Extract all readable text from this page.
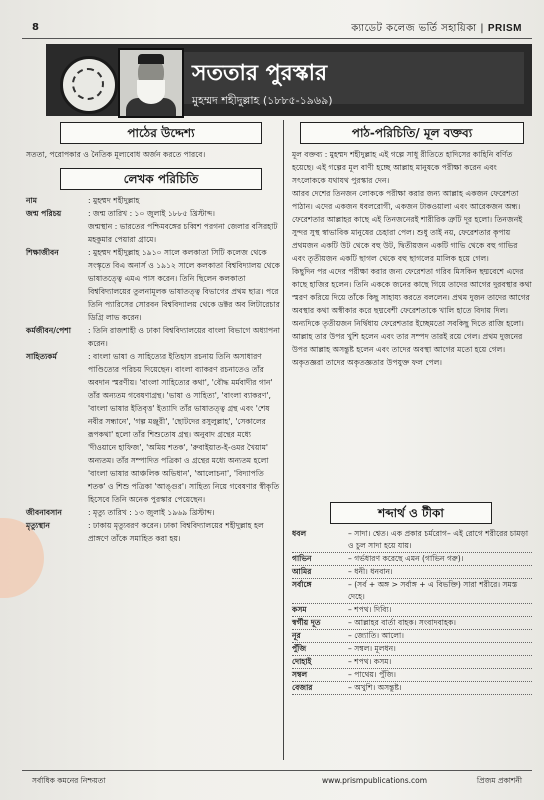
8	ক্যাডেট কলেজ ভর্তি সহায়িকা | PRISM
সততার পুরস্কার
মুহম্মদ শহীদুল্লাহ (১৮৮৫-১৯৬৯)
পাঠের উদ্দেশ্য

সততা, পরোপকার ও নৈতিক মূল্যবোধ অর্জন করতে পারবে।

লেখক পরিচিতি
নাম	: মুহম্মদ শহীদুল্লাহ
জন্ম পরিচয়	: জন্ম তারিখ : ১০ জুলাই ১৮৮৫ খ্রিস্টাব্দ।
জন্মস্থান : ভারতের পশ্চিমবঙ্গের চব্বিশ পরগনা জেলার বসিরহাট মহকুমার পেয়ারা গ্রামে।
শিক্ষাজীবন	: মুহম্মদ শহীদুল্লাহ ১৯১০ সালে কলকাতা সিটি কলেজ থেকে সংস্কৃতে বিএ অনার্স ও ১৯১২ সালে কলকাতা বিশ্ববিদ্যালয় থেকে ভাষাতত্ত্বে এমএ পাস করেন। তিনি ছিলেন কলকাতা বিশ্ববিদ্যালয়ের তুলনামূলক ভাষাতত্ত্ব বিভাগের প্রথম ছাত্র। পরে তিনি প্যারিসের সোরবন বিশ্ববিদ্যালয় থেকে ডক্টর অব লিটারেচার ডিগ্রি লাভ করেন।
কর্মজীবন/পেশা	: তিনি রাজশাহী ও ঢাকা বিশ্ববিদ্যালয়ের বাংলা বিভাগে অধ্যাপনা করেন।
সাহিত্যকর্ম	: বাংলা ভাষা ও সাহিত্যের ইতিহাস রচনায় তিনি অসাধারণ পাণ্ডিত্যের পরিচয় দিয়েছেন। বাংলা ব্যাকরণ রচনাতেও তাঁর অবদান স্মরণীয়। 'বাংলা সাহিত্যের কথা', 'বৌদ্ধ মর্মবাদীর গান' তাঁর অন্যতম গবেষণাগ্রন্থ। 'ভাষা ও সাহিত্য', 'বাংলা ব্যাকরণ', 'বাংলা ভাষার ইতিবৃত্ত' ইত্যাদি তাঁর ভাষাতত্ত্ব গ্রন্থ এবং 'শেষ নবীর সন্ধানে', 'গল্প মঞ্জুরী', 'ছোটদের রসুলুল্লাহ', 'সেকালের রূপকথা' হলো তাঁর শিশুতোষ গ্রন্থ। অনুবাদ গ্রন্থের মধ্যে 'দীওয়ানে হাফিজ', 'অমিয় শতক', 'রুবাইয়াত-ই-ওমর খৈয়াম' অন্যতম। তাঁর সম্পাদিত পত্রিকা ও গ্রন্থের মধ্যে অন্যতম হলো 'বাংলা ভাষার আঞ্চলিক অভিধান', 'আলোচনা', 'বিদ্যাপতি শতক' ও শিশু পত্রিকা 'আঙ্গুর'। সাহিত্য নিয়ে গবেষণার স্বীকৃতি হিসেবে তিনি অনেক পুরস্কার পেয়েছেন।
জীবনাবসান	: মৃত্যু তারিখ : ১৩ জুলাই ১৯৬৯ খ্রিস্টাব্দ।
মৃত্যুস্থান	: ঢাকায় মৃত্যুবরণ করেন। ঢাকা বিশ্ববিদ্যালয়ের শহীদুল্লাহ হল প্রাঙ্গণে তাঁকে সমাহিত করা হয়।
পাঠ-পরিচিতি/ মূল বক্তব্য

মূল বক্তব্য : মুহম্মদ শহীদুল্লাহ এই গল্পে সাধু রীতিতে হাদিসের কাহিনি বর্ণিত হয়েছে। এই গল্পের মূল বাণী হচ্ছে আল্লাহ মানুষকে পরীক্ষা করেন এবং সৎলোককে যথাযথ পুরস্কার দেন।

আরব দেশের তিনজন লোককে পরীক্ষা করার জন্য আল্লাহ একজন ফেরেশতা পাঠান। এদের একজন ধবলরোগী, একজন টাকওয়ালা এবং আরেকজন অন্ধ।

ফেরেশতার আল্লাহর কাছে এই তিনজনেরই শারীরিক ত্রুটি দূর হলো। তিনজনই সুন্দর সুস্থ স্বাভাবিক মানুষের চেহারা পেল। শুধু তাই নয়, ফেরেশতার কৃপায় প্রথমজন একটি উট থেকে বহু উট, দ্বিতীয়জন একটি গাভি থেকে বহু গাভির এবং তৃতীয়জন একটি ছাগল থেকে বহু ছাগলের মালিক হয়ে গেল।

কিছুদিন পর এদের পরীক্ষা করার জন্য ফেরেশতা গরিব মিসকিন ছদ্মবেশে এদের কাছে হাজির হলেন। তিনি এককে জনের কাছে গিয়ে তাদের আগের দুরবস্থার কথা স্মরণ করিয়ে দিয়ে তাঁকে কিছু সাহায্য করতে বললেন। প্রথম দুজন তাদের আগের অবস্থার কথা অস্বীকার করে ছদ্মবেশী ফেরেশতাকে খালি হাতে বিদায় দিল। অন্যদিকে তৃতীয়জন নির্দ্বিধায় ফেরেশতার ইচ্ছেমতো সবকিছু দিতে রাজি হলো। আল্লাহ তার উপর খুশি হলেন এবং তার সম্পদ তারই রয়ে গেল। প্রথম দুজনের উপর আল্লাহ অসন্তুষ্ট হলেন এবং তাদের অবস্থা আগের মতো হয়ে গেল। অকৃতজ্ঞরা তাদের অকৃতজ্ঞতার উপযুক্ত ফল পেল।

শব্দার্থ ও টীকা
ধবল	– সাদা। শ্বেত। এক প্রকার চর্মরোগ– এই রোগে শরীরের চামড়া ও চুল সাদা হয়ে যায়।
গাভিন	– গর্ভধারণ করেছে এমন (গাভিন গরু)।
আমির	– ধনী। ধনবান।
সর্বাঙ্গে	– (সর্ব + অঙ্গ > সর্বাঙ্গ + এ বিভক্তি) সারা শরীরে। সমস্ত দেহে।
কসম	– শপথ। দিব্যি।
স্বর্গীয় দূত	– আল্লাহর বার্তা বাহক। সংবাদবাহক।
নূর	– জ্যোতি। আলো।
পুঁজি	– সম্বল। মূলধন।
দোহাই	– শপথ। কসম।
সম্বল	– পাথেয়। পুঁজি।
বেজার	– অখুশি। অসন্তুষ্ট।
সর্বাধিক কমনের নিশ্চয়তা	www.prismpublications.com	প্রিজম প্রকাশনী
